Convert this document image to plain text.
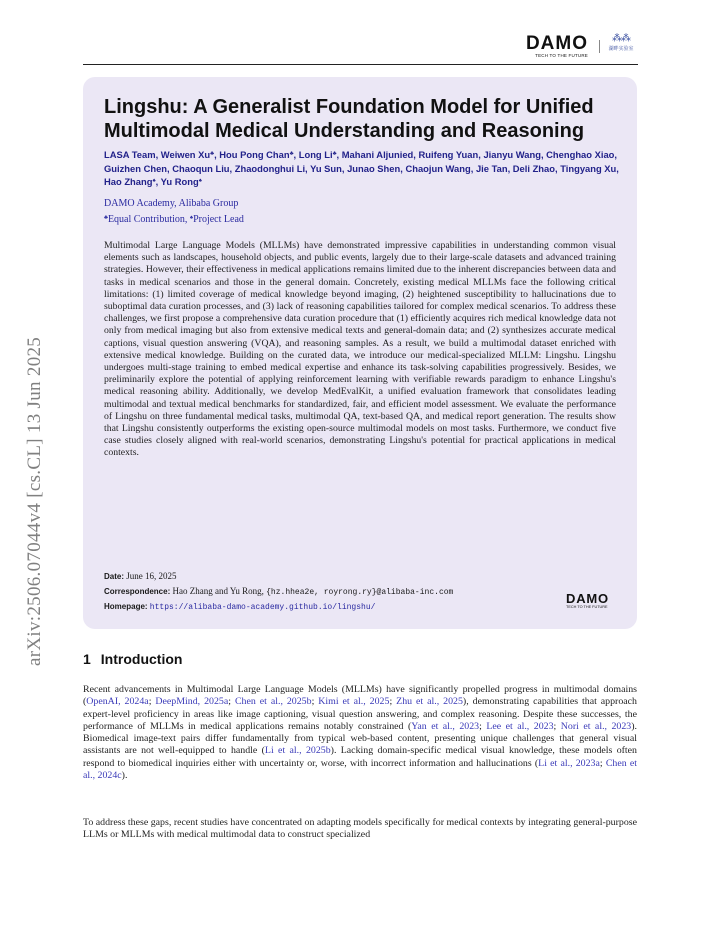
DAMO
TECH TO THE FUTURE
⁂⁂
湖畔实验室
arXiv:2506.07044v4 [cs.CL] 13 Jun 2025
Lingshu: A Generalist Foundation Model for Unified Multimodal Medical Understanding and Reasoning
LASA Team, Weiwen Xu♣, Hou Pong Chan♣, Long Li♣, Mahani Aljunied, Ruifeng Yuan, Jianyu Wang, Chenghao Xiao, Guizhen Chen, Chaoqun Liu, Zhaodonghui Li, Yu Sun, Junao Shen, Chaojun Wang, Jie Tan, Deli Zhao, Tingyang Xu, Hao Zhang♠, Yu Rong♠
DAMO Academy, Alibaba Group
♣Equal Contribution, ♠Project Lead

Multimodal Large Language Models (MLLMs) have demonstrated impressive capabilities in understanding common visual elements such as landscapes, household objects, and public events, largely due to their large-scale datasets and advanced training strategies. However, their effectiveness in medical applications remains limited due to the inherent discrepancies between data and tasks in medical scenarios and those in the general domain. Concretely, existing medical MLLMs face the following critical limitations: (1) limited coverage of medical knowledge beyond imaging, (2) heightened susceptibility to hallucinations due to suboptimal data curation processes, and (3) lack of reasoning capabilities tailored for complex medical scenarios. To address these challenges, we first propose a comprehensive data curation procedure that (1) efficiently acquires rich medical knowledge data not only from medical imaging but also from extensive medical texts and general-domain data; and (2) synthesizes accurate medical captions, visual question answering (VQA), and reasoning samples. As a result, we build a multimodal dataset enriched with extensive medical knowledge. Building on the curated data, we introduce our medical-specialized MLLM: Lingshu. Lingshu undergoes multi-stage training to embed medical expertise and enhance its task-solving capabilities progressively. Besides, we preliminarily explore the potential of applying reinforcement learning with verifiable rewards paradigm to enhance Lingshu's medical reasoning ability. Additionally, we develop MedEvalKit, a unified evaluation framework that consolidates leading multimodal and textual medical benchmarks for standardized, fair, and efficient model assessment. We evaluate the performance of Lingshu on three fundamental medical tasks, multimodal QA, text-based QA, and medical report generation. The results show that Lingshu consistently outperforms the existing open-source multimodal models on most tasks. Furthermore, we conduct five case studies closely aligned with real-world scenarios, demonstrating Lingshu's potential for practical applications in medical contexts.

Date: June 16, 2025
Correspondence: Hao Zhang and Yu Rong, {hz.hhea2e, royrong.ry}@alibaba-inc.com
Homepage: https://alibaba-damo-academy.github.io/lingshu/
DAMO
TECH TO THE FUTURE
1 Introduction

Recent advancements in Multimodal Large Language Models (MLLMs) have significantly propelled progress in multimodal domains (OpenAI, 2024a; DeepMind, 2025a; Chen et al., 2025b; Kimi et al., 2025; Zhu et al., 2025), demonstrating capabilities that approach expert-level proficiency in areas like image captioning, visual question answering, and complex reasoning. Despite these successes, the performance of MLLMs in medical applications remains notably constrained (Yan et al., 2023; Lee et al., 2023; Nori et al., 2023). Biomedical image-text pairs differ fundamentally from typical web-based content, presenting unique challenges that general visual assistants are not well-equipped to handle (Li et al., 2025b). Lacking domain-specific medical visual knowledge, these models often respond to biomedical inquiries either with uncertainty or, worse, with incorrect information and hallucinations (Li et al., 2023a; Chen et al., 2024c).

To address these gaps, recent studies have concentrated on adapting models specifically for medical contexts by integrating general-purpose LLMs or MLLMs with medical multimodal data to construct specialized
